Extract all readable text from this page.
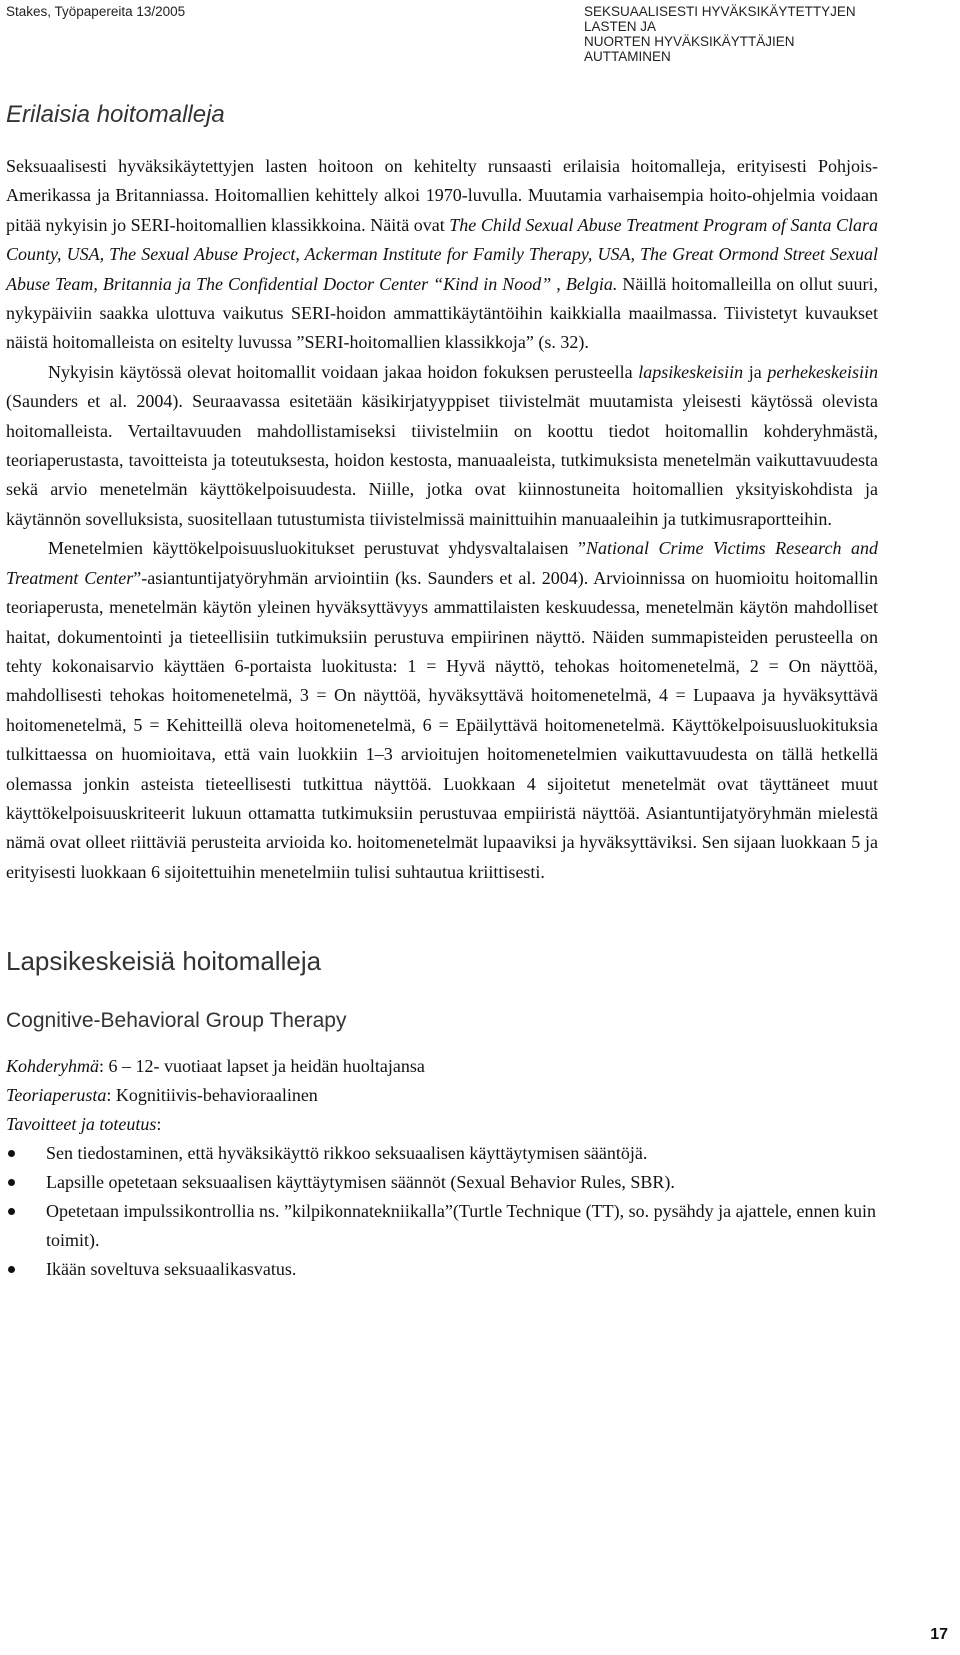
Stakes, Työpapereita 13/2005	SEKSUAALISESTI HYVÄKSIKÄYTETTYJEN LASTEN JA
NUORTEN HYVÄKSIKÄYTTÄJIEN AUTTAMINEN
Erilaisia hoitomalleja

Seksuaalisesti hyväksikäytettyjen lasten hoitoon on kehitelty runsaasti erilaisia hoitomalleja, erityisesti Pohjois-Amerikassa ja Britanniassa. Hoitomallien kehittely alkoi 1970-luvulla. Muutamia varhaisempia hoito-ohjelmia voidaan pitää nykyisin jo SERI-hoitomallien klassikkoina. Näitä ovat The Child Sexual Abuse Treatment Program of Santa Clara County, USA, The Sexual Abuse Project, Ackerman Institute for Family Therapy, USA, The Great Ormond Street Sexual Abuse Team, Britannia ja The Confidential Doctor Center “Kind in Nood” , Belgia. Näillä hoitomalleilla on ollut suuri, nykypäiviin saakka ulottuva vaikutus SERI-hoidon ammattikäytäntöihin kaikkialla maailmassa. Tiivistetyt kuvaukset näistä hoitomalleista on esitelty luvussa ”SERI-hoitomallien klassikkoja” (s. 32).

Nykyisin käytössä olevat hoitomallit voidaan jakaa hoidon fokuksen perusteella lapsikeskeisiin ja perhekeskeisiin (Saunders et al. 2004). Seuraavassa esitetään käsikirjatyyppiset tiivistelmät muutamista yleisesti käytössä olevista hoitomalleista. Vertailtavuuden mahdollistamiseksi tiivistelmiin on koottu tiedot hoitomallin kohderyhmästä, teoriaperustasta, tavoitteista ja toteutuksesta, hoidon kestosta, manuaaleista, tutkimuksista menetelmän vaikuttavuudesta sekä arvio menetelmän käyttökelpoisuudesta. Niille, jotka ovat kiinnostuneita hoitomallien yksityiskohdista ja käytännön sovelluksista, suositellaan tutustumista tiivistelmissä mainittuihin manuaaleihin ja tutkimusraportteihin.

Menetelmien käyttökelpoisuusluokitukset perustuvat yhdysvaltalaisen ”National Crime Victims Research and Treatment Center”-asiantuntijatyöryhmän arviointiin (ks. Saunders et al. 2004). Arvioinnissa on huomioitu hoitomallin teoriaperusta, menetelmän käytön yleinen hyväksyttävyys ammattilaisten keskuudessa, menetelmän käytön mahdolliset haitat, dokumentointi ja tieteellisiin tutkimuksiin perustuva empiirinen näyttö. Näiden summapisteiden perusteella on tehty kokonaisarvio käyttäen 6-portaista luokitusta: 1 = Hyvä näyttö, tehokas hoitomenetelmä, 2 = On näyttöä, mahdollisesti tehokas hoitomenetelmä, 3 = On näyttöä, hyväksyttävä hoitomenetelmä, 4 = Lupaava ja hyväksyttävä hoitomenetelmä, 5 = Kehitteillä oleva hoitomenetelmä, 6 = Epäilyttävä hoitomenetelmä. Käyttökelpoisuusluokituksia tulkittaessa on huomioitava, että vain luokkiin 1–3 arvioitujen hoitomenetelmien vaikuttavuudesta on tällä hetkellä olemassa jonkin asteista tieteellisesti tutkittua näyttöä. Luokkaan 4 sijoitetut menetelmät ovat täyttäneet muut käyttökelpoisuuskriteerit lukuun ottamatta tutkimuksiin perustuvaa empiiristä näyttöä. Asiantuntijatyöryhmän mielestä nämä ovat olleet riittäviä perusteita arvioida ko. hoitomenetelmät lupaaviksi ja hyväksyttäviksi. Sen sijaan luokkaan 5 ja erityisesti luokkaan 6 sijoitettuihin menetelmiin tulisi suhtautua kriittisesti.

Lapsikeskeisiä hoitomalleja
Cognitive-Behavioral Group Therapy
Kohderyhmä: 6 – 12- vuotiaat lapset ja heidän huoltajansa
Teoriaperusta: Kognitiivis-behavioraalinen
Tavoitteet ja toteutus:
Sen tiedostaminen, että hyväksikäyttö rikkoo seksuaalisen käyttäytymisen sääntöjä.
Lapsille opetetaan seksuaalisen käyttäytymisen säännöt (Sexual Behavior Rules, SBR).
Opetetaan impulssikontrollia ns. ”kilpikonnatekniikalla”(Turtle Technique (TT), so. pysähdy ja ajattele, ennen kuin toimit).
Ikään soveltuva seksuaalikasvatus.
17
